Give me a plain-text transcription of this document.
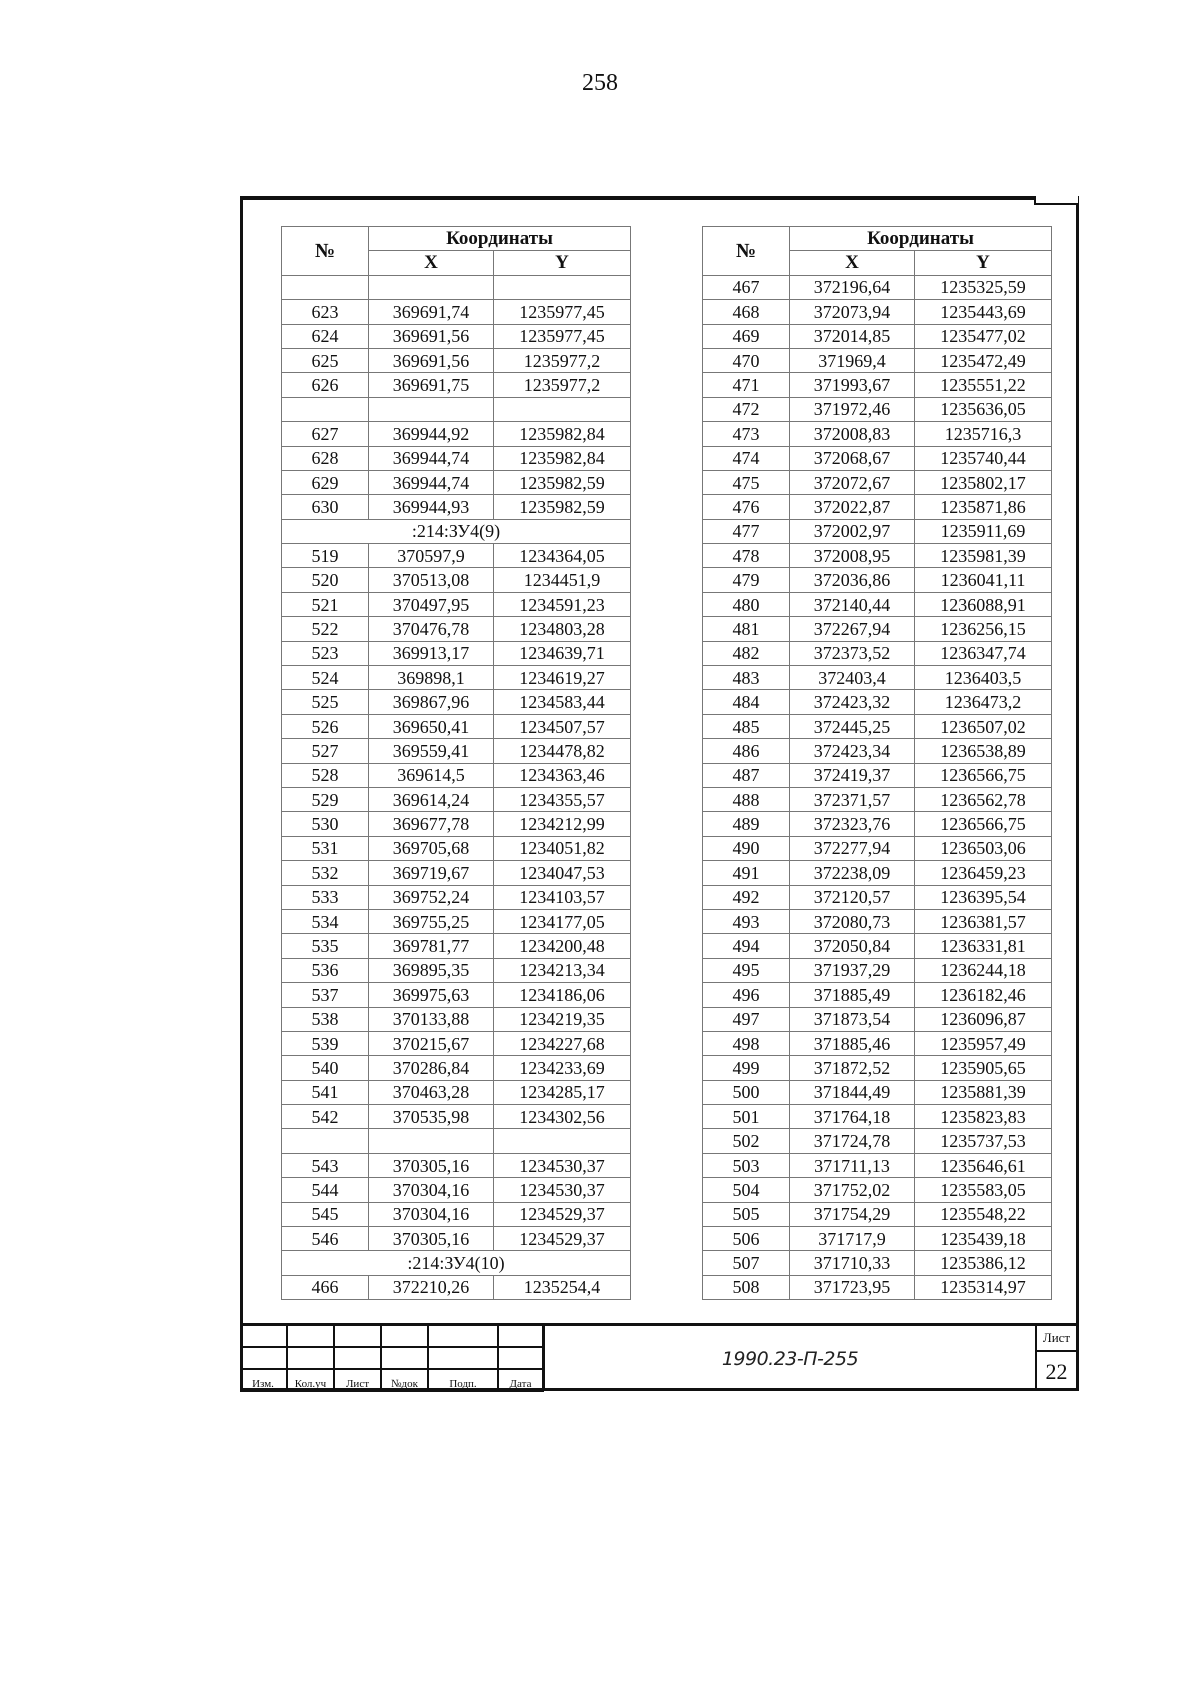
258
№	Координаты	
	X	Y

623	369691,74	1235977,45
624	369691,56	1235977,45
625	369691,56	1235977,2
626	369691,75	1235977,2

627	369944,92	1235982,84
628	369944,74	1235982,84
629	369944,74	1235982,59
630	369944,93	1235982,59
:214:ЗУ4(9)		
519	370597,9	1234364,05
520	370513,08	1234451,9
521	370497,95	1234591,23
522	370476,78	1234803,28
523	369913,17	1234639,71
524	369898,1	1234619,27
525	369867,96	1234583,44
526	369650,41	1234507,57
527	369559,41	1234478,82
528	369614,5	1234363,46
529	369614,24	1234355,57
530	369677,78	1234212,99
531	369705,68	1234051,82
532	369719,67	1234047,53
533	369752,24	1234103,57
534	369755,25	1234177,05
535	369781,77	1234200,48
536	369895,35	1234213,34
537	369975,63	1234186,06
538	370133,88	1234219,35
539	370215,67	1234227,68
540	370286,84	1234233,69
541	370463,28	1234285,17
542	370535,98	1234302,56

543	370305,16	1234530,37
544	370304,16	1234530,37
545	370304,16	1234529,37
546	370305,16	1234529,37
:214:ЗУ4(10)		
466	372210,26	1235254,4
№	Координаты	
	X	Y
467	372196,64	1235325,59
468	372073,94	1235443,69
469	372014,85	1235477,02
470	371969,4	1235472,49
471	371993,67	1235551,22
472	371972,46	1235636,05
473	372008,83	1235716,3
474	372068,67	1235740,44
475	372072,67	1235802,17
476	372022,87	1235871,86
477	372002,97	1235911,69
478	372008,95	1235981,39
479	372036,86	1236041,11
480	372140,44	1236088,91
481	372267,94	1236256,15
482	372373,52	1236347,74
483	372403,4	1236403,5
484	372423,32	1236473,2
485	372445,25	1236507,02
486	372423,34	1236538,89
487	372419,37	1236566,75
488	372371,57	1236562,78
489	372323,76	1236566,75
490	372277,94	1236503,06
491	372238,09	1236459,23
492	372120,57	1236395,54
493	372080,73	1236381,57
494	372050,84	1236331,81
495	371937,29	1236244,18
496	371885,49	1236182,46
497	371873,54	1236096,87
498	371885,46	1235957,49
499	371872,52	1235905,65
500	371844,49	1235881,39
501	371764,18	1235823,83
502	371724,78	1235737,53
503	371711,13	1235646,61
504	371752,02	1235583,05
505	371754,29	1235548,22
506	371717,9	1235439,18
507	371710,33	1235386,12
508	371723,95	1235314,97

Изм.	Кол.уч	Лист	№док	Подп.	Дата
1990.23-П-255
Лист
22
